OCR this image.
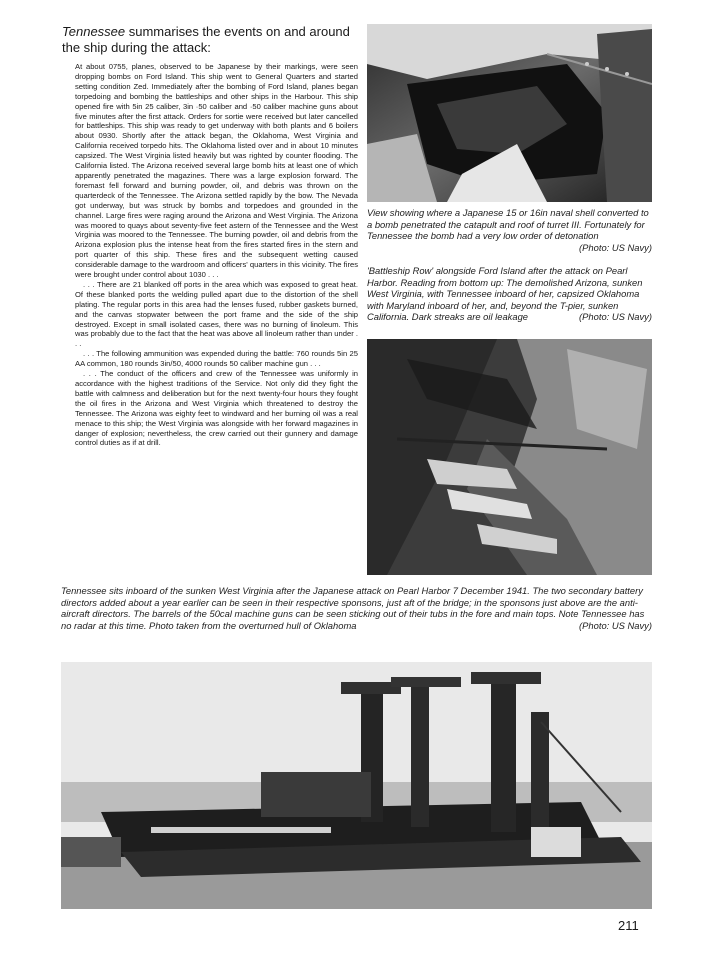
Tennessee summarises the events on and around the ship during the attack:

At about 0755, planes, observed to be Japanese by their markings, were seen dropping bombs on Ford Island. This ship went to General Quarters and started setting condition Zed. Immediately after the bombing of Ford Island, planes began torpedoing and bombing the battleships and other ships in the Harbour. This ship opened fire with 5in 25 caliber, 3in ·50 caliber and ·50 caliber machine guns about five minutes after the first attack. Orders for sortie were received but later cancelled for battleships. This ship was ready to get underway with both plants and 6 boilers about 0930. Shortly after the attack began, the Oklahoma, West Virginia and California received torpedo hits. The Oklahoma listed over and in about 10 minutes capsized. The West Virginia listed heavily but was righted by counter flooding. The California listed. The Arizona received several large bomb hits at least one of which apparently penetrated the magazines. There was a large explosion forward. The foremast fell forward and burning powder, oil, and debris was thrown on the quarterdeck of the Tennessee. The Arizona settled rapidly by the bow. The Nevada got underway, but was struck by bombs and torpedoes and grounded in the channel. Large fires were raging around the Arizona and West Virginia. The Arizona was moored to quays about seventy-five feet astern of the Tennessee and the West Virginia was moored to the Tennessee. The burning powder, oil and debris from the Arizona explosion plus the intense heat from the fires started fires in the stern and port quarter of this ship. These fires and the subsequent wetting caused considerable damage to the wardroom and officers' quarters in this vicinity. The fires were brought under control about 1030 . . .

. . . There are 21 blanked off ports in the area which was exposed to great heat. Of these blanked ports the welding pulled apart due to the distortion of the shell plating. The regular ports in this area had the lenses fused, rubber gaskets burned, and the canvas stopwater between the port frame and the side of the ship destroyed. Except in small isolated cases, there was no burning of linoleum. This was probably due to the fact that the heat was above all linoleum rather than under . . .

. . . The following ammunition was expended during the battle: 760 rounds 5in 25 AA common, 180 rounds 3in/50, 4000 rounds 50 caliber machine gun . . .

. . . The conduct of the officers and crew of the Tennessee was uniformly in accordance with the highest traditions of the Service. Not only did they fight the battle with calmness and deliberation but for the next twenty-four hours they fought the oil fires in the Arizona and West Virginia which threatened to destroy the Tennessee. The Arizona was eighty feet to windward and her burning oil was a real menace to this ship; the West Virginia was alongside with her forward magazines in danger of explosion; nevertheless, the crew carried out their gunnery and damage control duties as if at drill.

View showing where a Japanese 15 or 16in naval shell converted to a bomb penetrated the catapult and roof of turret III. Fortunately for Tennessee the bomb had a very low order of detonation
(Photo: US Navy)

'Battleship Row' alongside Ford Island after the attack on Pearl Harbor. Reading from bottom up: The demolished Arizona, sunken West Virginia, with Tennessee inboard of her, capsized Oklahoma with Maryland inboard of her, and, beyond the T-pier, sunken California. Dark streaks are oil leakage	(Photo: US Navy)

Tennessee sits inboard of the sunken West Virginia after the Japanese attack on Pearl Harbor 7 December 1941. The two secondary battery directors added about a year earlier can be seen in their respective sponsons, just aft of the bridge; in the sponsons just above are the anti-aircraft directors. The barrels of the 50cal machine guns can be seen sticking out of their tubs in the fore and main tops. Note Tennessee has no radar at this time. Photo taken from the overturned hull of Oklahoma	(Photo: US Navy)

211
